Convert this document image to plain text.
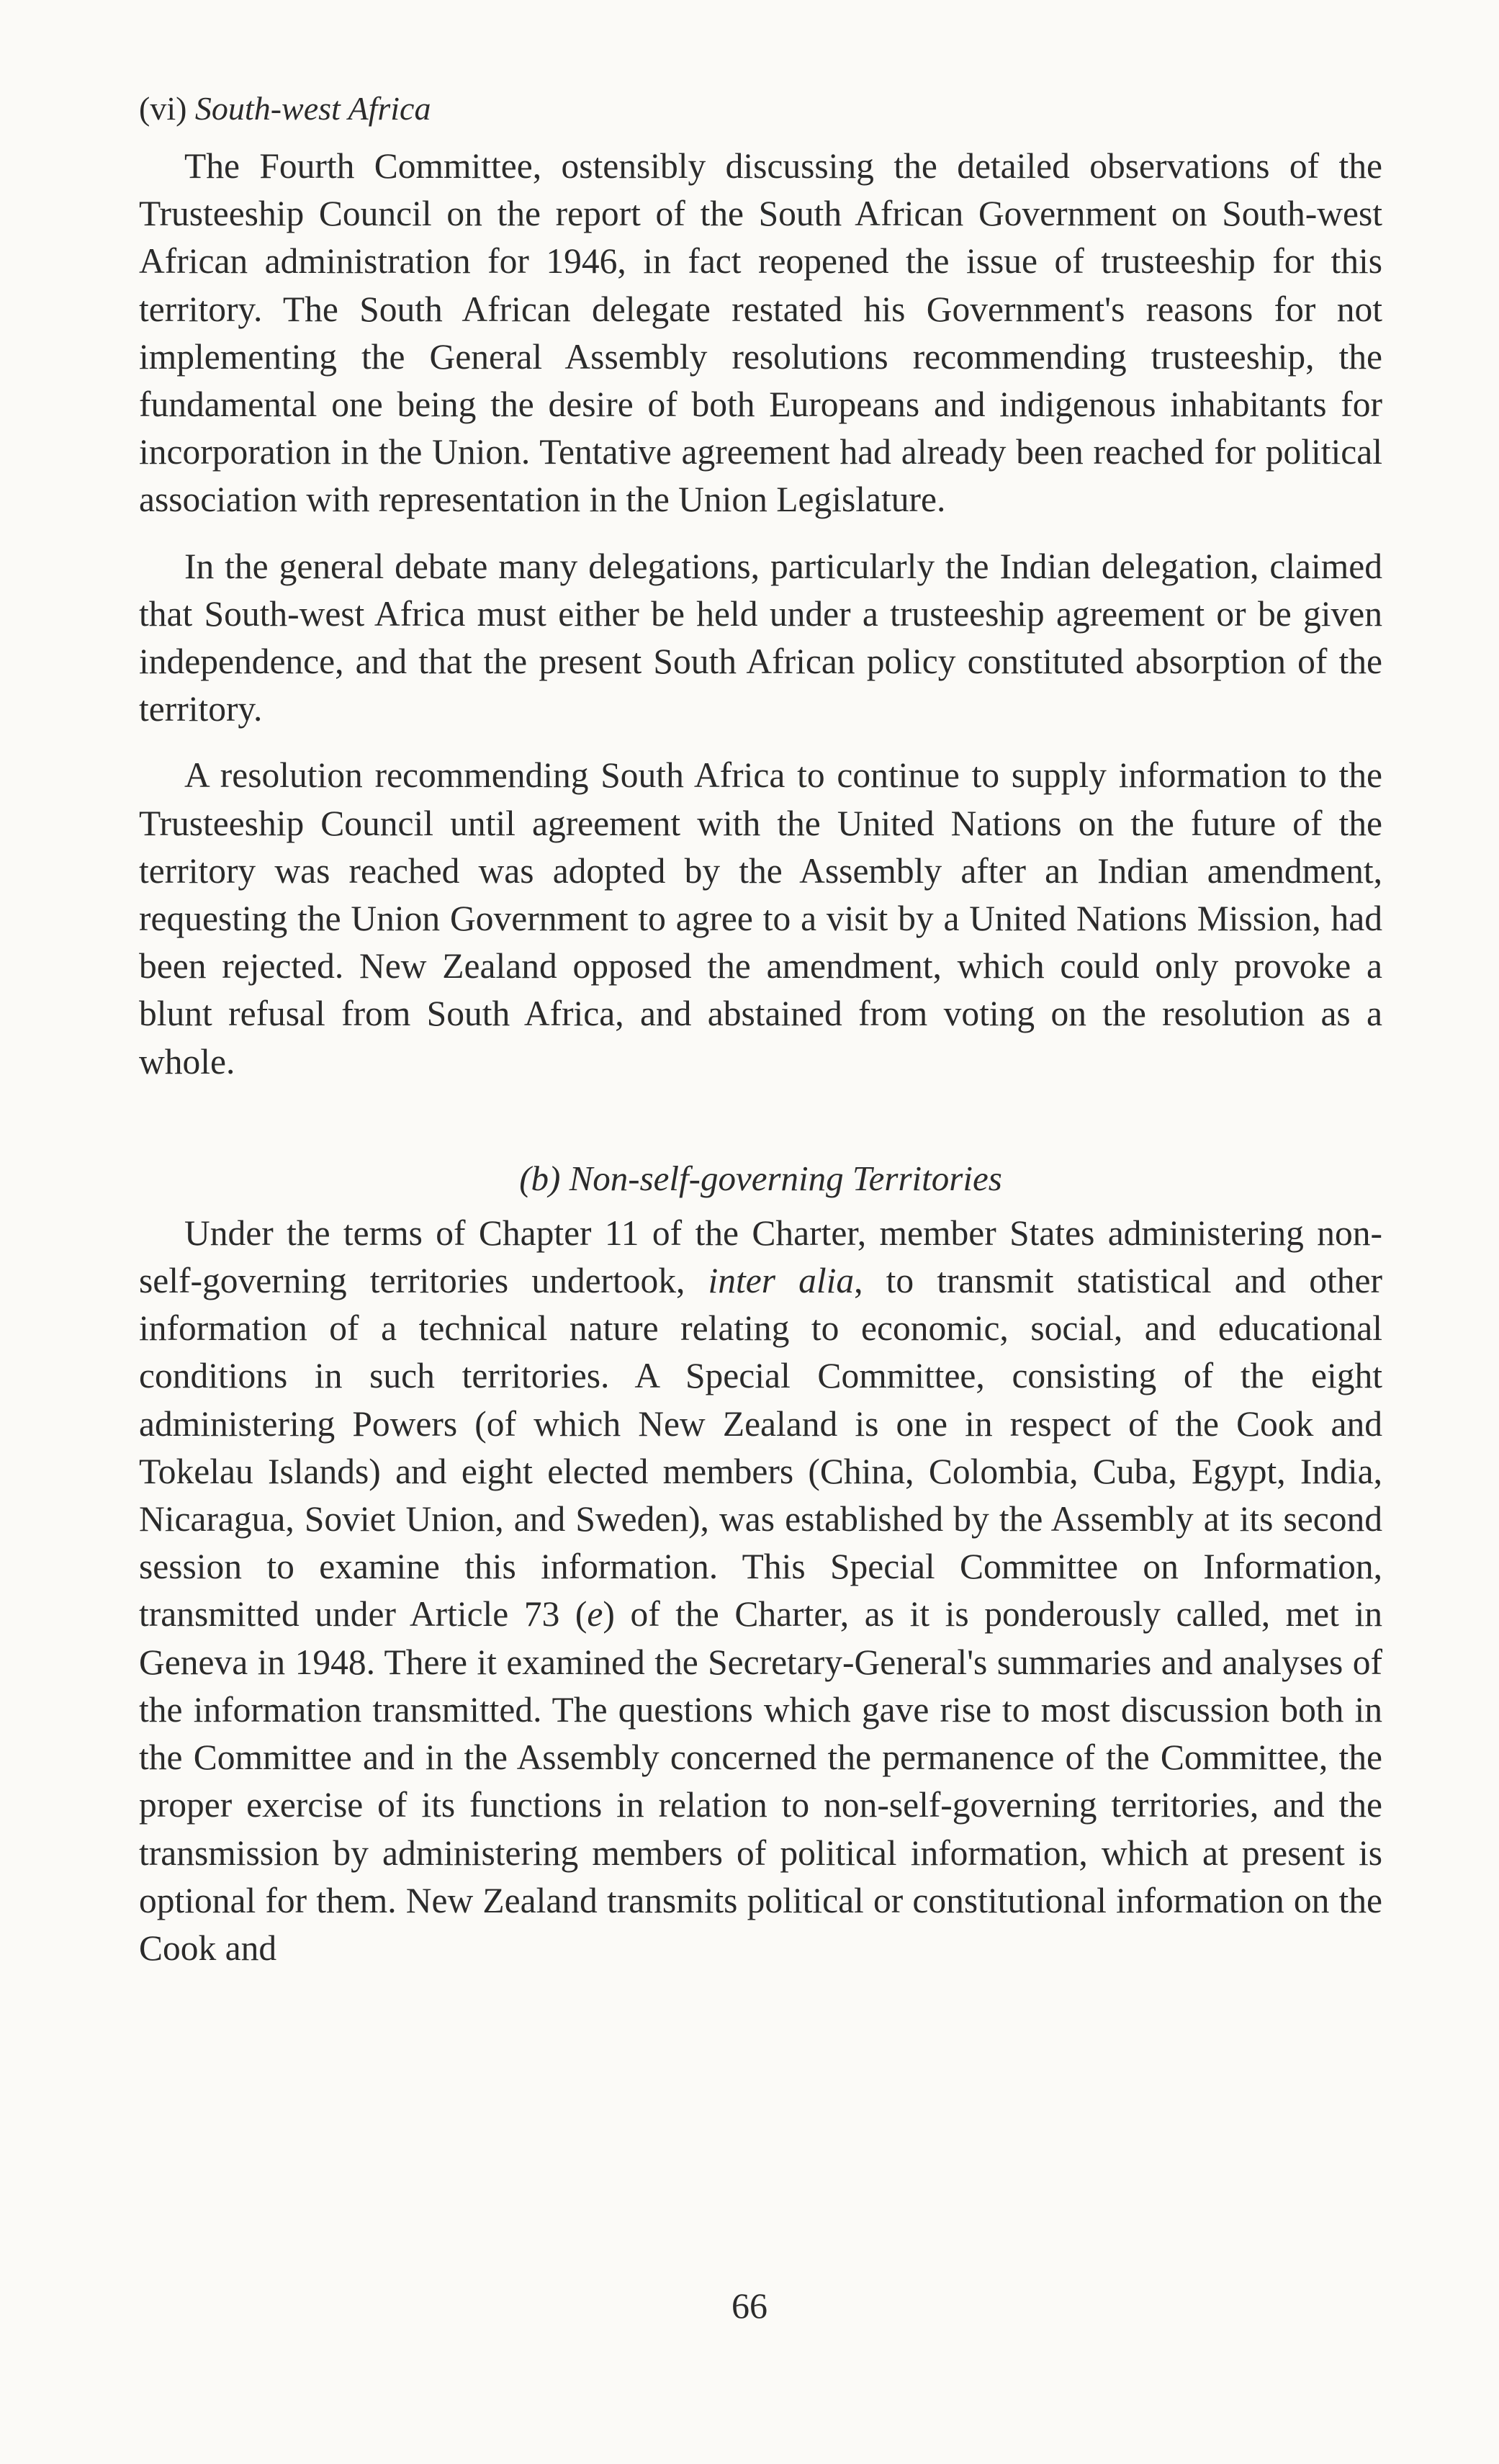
(vi) South-west Africa

The Fourth Committee, ostensibly discussing the detailed observations of the Trusteeship Council on the report of the South African Government on South-west African administration for 1946, in fact reopened the issue of trusteeship for this territory. The South African delegate restated his Government's reasons for not implementing the General Assembly resolutions recommending trusteeship, the fundamental one being the desire of both Europeans and indigenous inhabitants for incorporation in the Union. Tentative agreement had already been reached for political association with representation in the Union Legislature.

In the general debate many delegations, particularly the Indian delegation, claimed that South-west Africa must either be held under a trusteeship agreement or be given independence, and that the present South African policy constituted absorption of the territory.

A resolution recommending South Africa to continue to supply information to the Trusteeship Council until agreement with the United Nations on the future of the territory was reached was adopted by the Assembly after an Indian amendment, requesting the Union Government to agree to a visit by a United Nations Mission, had been rejected. New Zealand opposed the amendment, which could only provoke a blunt refusal from South Africa, and abstained from voting on the resolution as a whole.

(b) Non-self-governing Territories

Under the terms of Chapter 11 of the Charter, member States administering non-self-governing territories undertook, inter alia, to transmit statistical and other information of a technical nature relating to economic, social, and educational conditions in such territories. A Special Committee, consisting of the eight administering Powers (of which New Zealand is one in respect of the Cook and Tokelau Islands) and eight elected members (China, Colombia, Cuba, Egypt, India, Nicaragua, Soviet Union, and Sweden), was established by the Assembly at its second session to examine this information. This Special Committee on Information, transmitted under Article 73 (e) of the Charter, as it is ponderously called, met in Geneva in 1948. There it examined the Secretary-General's summaries and analyses of the information transmitted. The questions which gave rise to most discussion both in the Committee and in the Assembly concerned the permanence of the Committee, the proper exercise of its functions in relation to non-self-governing territories, and the transmission by administering members of political information, which at present is optional for them. New Zealand transmits political or constitutional information on the Cook and

66
